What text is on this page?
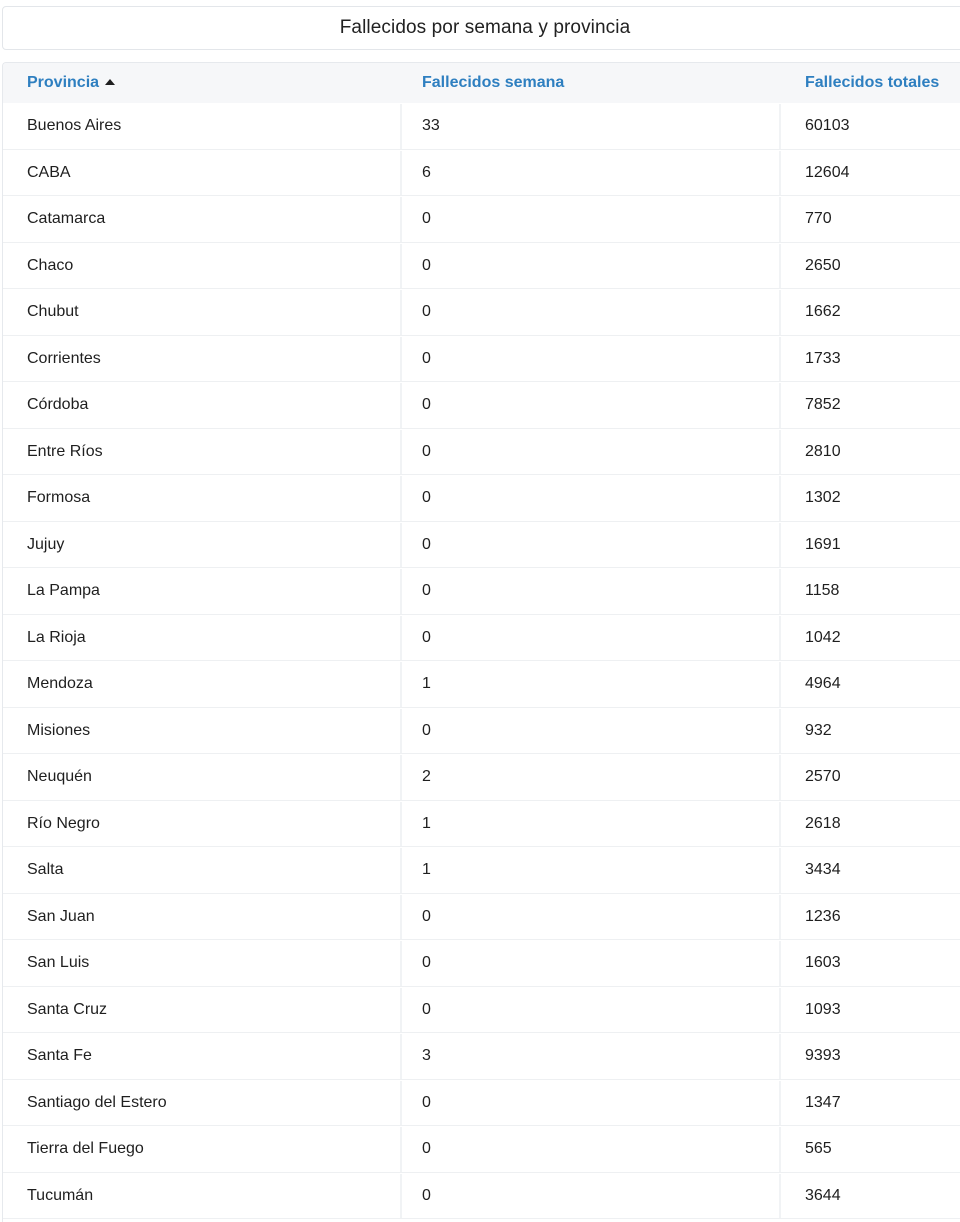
Fallecidos por semana y provincia
Provincia	Fallecidos semana	Fallecidos totales
Buenos Aires	33	60103
CABA	6	12604
Catamarca	0	770
Chaco	0	2650
Chubut	0	1662
Corrientes	0	1733
Córdoba	0	7852
Entre Ríos	0	2810
Formosa	0	1302
Jujuy	0	1691
La Pampa	0	1158
La Rioja	0	1042
Mendoza	1	4964
Misiones	0	932
Neuquén	2	2570
Río Negro	1	2618
Salta	1	3434
San Juan	0	1236
San Luis	0	1603
Santa Cruz	0	1093
Santa Fe	3	9393
Santiago del Estero	0	1347
Tierra del Fuego	0	565
Tucumán	0	3644
